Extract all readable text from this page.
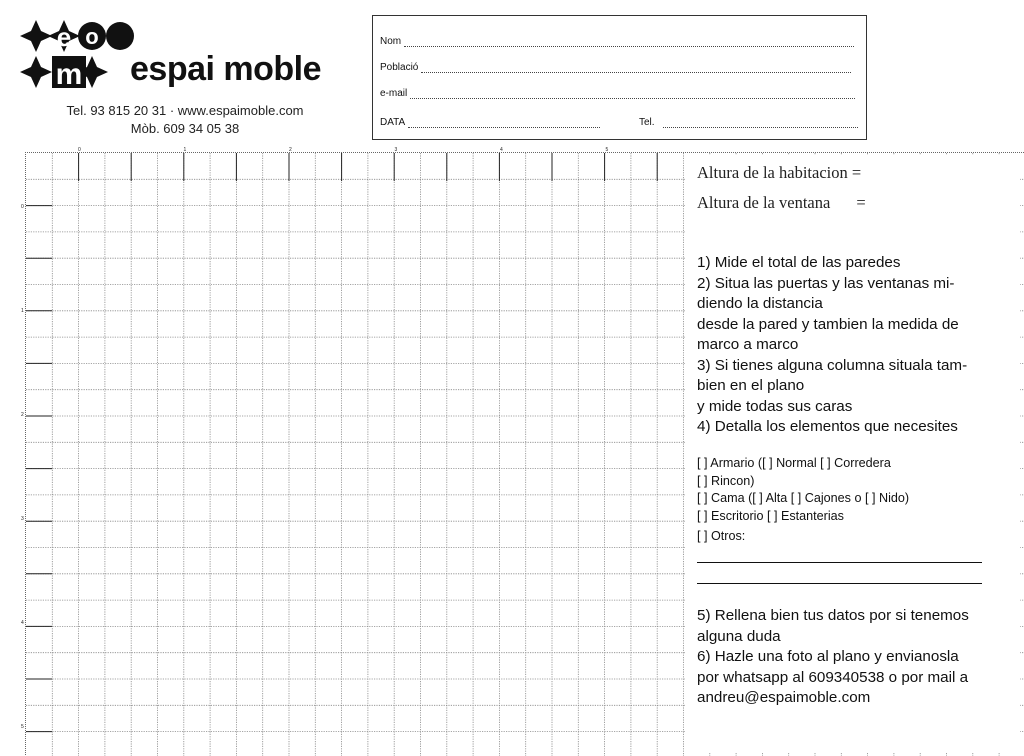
e o
m espai moble
Tel. 93 815 20 31 · www.espaimoble.com
Mòb. 609 34 05 38
Nom
Població
e-mail
DATA	Tel.
0	1	2	3	4	5
0
1
2
3
4
5
Altura de la habitacion =
Altura de la ventana =
1) Mide el total de las paredes
2) Situa las puertas y las ventanas mi-
diendo la distancia
desde la pared y tambien la medida de
marco a marco
3) Si tienes alguna columna situala tam-
bien en el plano
y mide todas sus caras
4) Detalla los elementos que necesites
[ ] Armario ([ ] Normal [ ] Corredera
[ ] Rincon)
[ ] Cama ([ ] Alta [ ] Cajones o [ ] Nido)
[ ] Escritorio [ ] Estanterias
[ ] Otros:
5) Rellena bien tus datos por si tenemos
alguna duda
6) Hazle una foto al plano y envianosla
por whatsapp al 609340538 o por mail a
andreu@espaimoble.com
